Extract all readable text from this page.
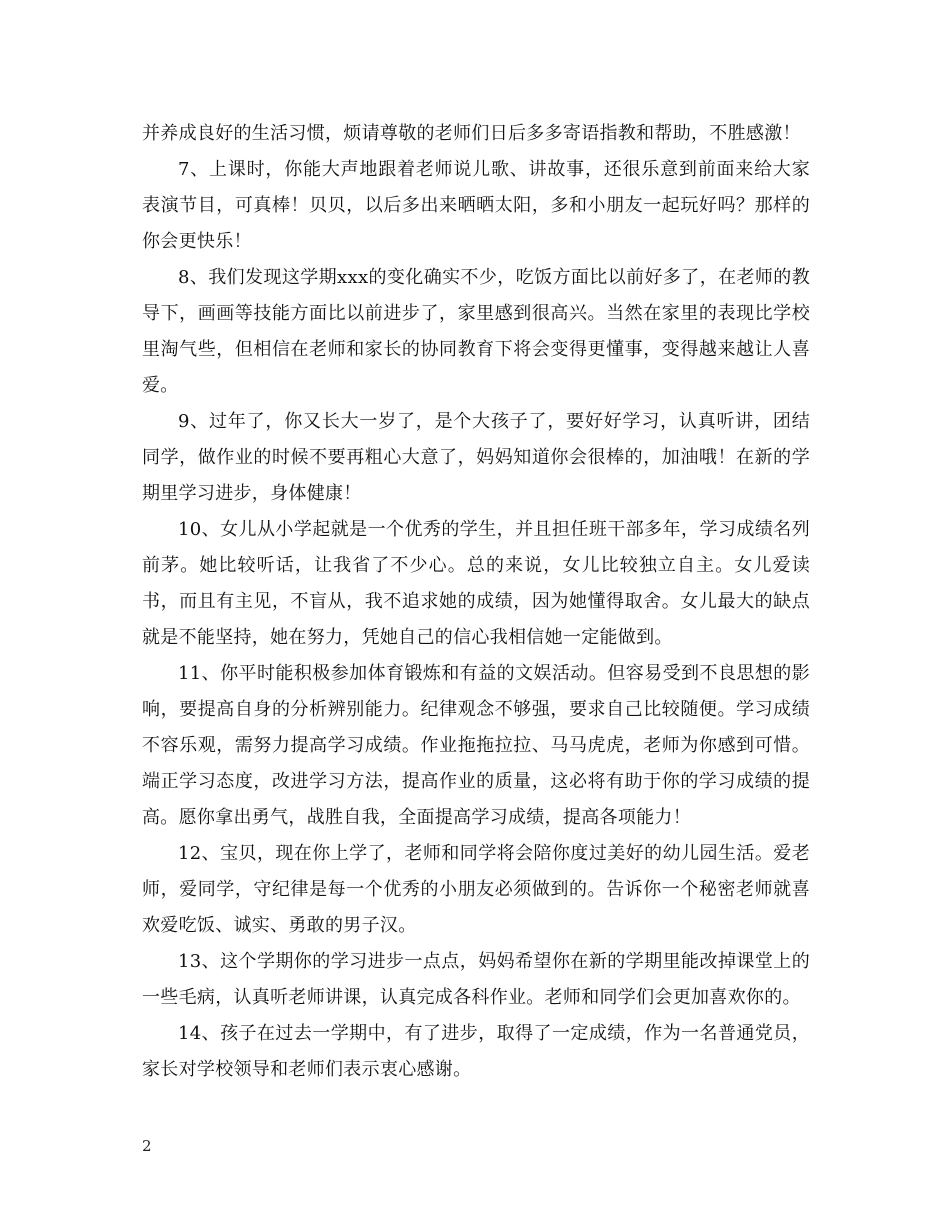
并养成良好的生活习惯，烦请尊敬的老师们日后多多寄语指教和帮助，不胜感激！

7、上课时，你能大声地跟着老师说儿歌、讲故事，还很乐意到前面来给大家表演节目，可真棒！贝贝，以后多出来晒晒太阳，多和小朋友一起玩好吗？那样的你会更快乐！

8、我们发现这学期xxx的变化确实不少，吃饭方面比以前好多了，在老师的教导下，画画等技能方面比以前进步了，家里感到很高兴。当然在家里的表现比学校里淘气些，但相信在老师和家长的协同教育下将会变得更懂事，变得越来越让人喜爱。

9、过年了，你又长大一岁了，是个大孩子了，要好好学习，认真听讲，团结同学，做作业的时候不要再粗心大意了，妈妈知道你会很棒的，加油哦！在新的学期里学习进步，身体健康！

10、女儿从小学起就是一个优秀的学生，并且担任班干部多年，学习成绩名列前茅。她比较听话，让我省了不少心。总的来说，女儿比较独立自主。女儿爱读书，而且有主见，不盲从，我不追求她的成绩，因为她懂得取舍。女儿最大的缺点就是不能坚持，她在努力，凭她自己的信心我相信她一定能做到。

11、你平时能积极参加体育锻炼和有益的文娱活动。但容易受到不良思想的影响，要提高自身的分析辨别能力。纪律观念不够强，要求自己比较随便。学习成绩不容乐观，需努力提高学习成绩。作业拖拖拉拉、马马虎虎，老师为你感到可惜。端正学习态度，改进学习方法，提高作业的质量，这必将有助于你的学习成绩的提高。愿你拿出勇气，战胜自我，全面提高学习成绩，提高各项能力！

12、宝贝，现在你上学了，老师和同学将会陪你度过美好的幼儿园生活。爱老师，爱同学，守纪律是每一个优秀的小朋友必须做到的。告诉你一个秘密老师就喜欢爱吃饭、诚实、勇敢的男子汉。

13、这个学期你的学习进步一点点，妈妈希望你在新的学期里能改掉课堂上的一些毛病，认真听老师讲课，认真完成各科作业。老师和同学们会更加喜欢你的。

14、孩子在过去一学期中，有了进步，取得了一定成绩，作为一名普通党员，家长对学校领导和老师们表示衷心感谢。

2
